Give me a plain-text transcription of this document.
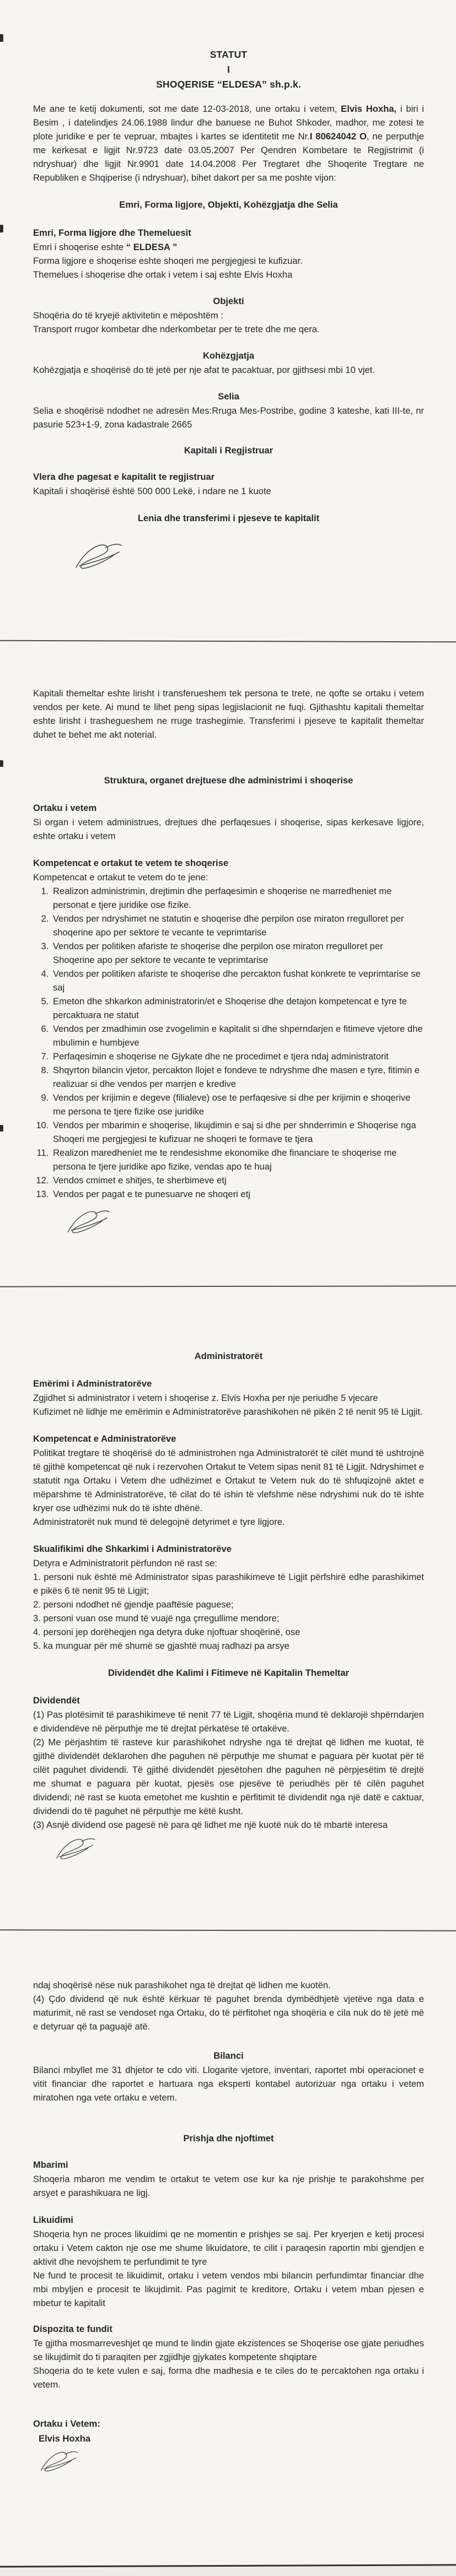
STATUT

I

SHOQERISE “ELDESA” sh.p.k.

Me ane te ketij dokumenti, sot me date 12-03-2018, une ortaku i vetem, Elvis Hoxha, i biri i Besim , i datelindjes 24.06.1988 lindur dhe banuese ne Buhot Shkoder, madhor, me zotesi te plote juridike e per te vepruar, mbajtes i kartes se identitetit me Nr.I 80624042 O, ne perputhje me kerkesat e ligjit Nr.9723 date 03.05.2007 Per Qendren Kombetare te Regjistrimit (i ndryshuar) dhe ligjit Nr.9901 date 14.04.2008 Per Tregtaret dhe Shoqerite Tregtare ne Republiken e Shqiperise (i ndryshuar), bihet dakort per sa me poshte vijon:

Emri, Forma ligjore, Objekti, Kohëzgjatja dhe Selia

Emri, Forma ligjore dhe Themeluesit

Emri i shoqerise eshte “ ELDESA ”

Forma ligjore e shoqerise eshte shoqeri me pergjegjesi te kufizuar.

Themelues i shoqerise dhe ortak i vetem i saj eshte Elvis Hoxha

Objekti

Shoqëria do të kryejë aktivitetin e mëposhtëm :

Transport rrugor kombetar dhe nderkombetar per te trete dhe me qera.

Kohëzgjatja

Kohëzgjatja e shoqërisë do të jetë per nje afat te pacaktuar, por gjithsesi mbi 10 vjet.

Selia

Selia e shoqërisë ndodhet ne adresën Mes:Rruga Mes-Postribe, godine 3 kateshe, kati III-te, nr pasurie 523+1-9, zona kadastrale 2665

Kapitali i Regjistruar

Vlera dhe pagesat e kapitalit te regjistruar

Kapitali i shoqërisë është 500 000 Lekë, i ndare ne 1 kuote

Lenia dhe transferimi i pjeseve te kapitalit

Kapitali themeltar eshte lirisht i transferueshem tek persona te trete, ne qofte se ortaku i vetem vendos per kete. Ai mund te lihet peng sipas legjislacionit ne fuqi. Gjithashtu kapitali themeltar eshte lirisht i trashegueshem ne rruge trashegimie. Transferimi i pjeseve te kapitalit themeltar duhet te behet me akt noterial.

Struktura, organet drejtuese dhe administrimi i shoqerise

Ortaku i vetem

Si organ i vetem administrues, drejtues dhe perfaqesues i shoqerise, sipas kerkesave ligjore, eshte ortaku i vetem

Kompetencat e ortakut te vetem te shoqerise

Kompetencat e ortakut te vetem do te jene:

1. Realizon administrimin, drejtimin dhe perfaqesimin e shoqerise ne marredheniet me personat e tjere juridike ose fizike.
2. Vendos per ndryshimet ne statutin e shoqerise dhe perpilon ose miraton rregulloret per shoqerine apo per sektore te vecante te veprimtarise
3. Vendos per politiken afariste te shoqerise dhe perpilon ose miraton rregulloret per Shoqerine apo per sektore te vecante te veprimtarise
4. Vendos per politiken afariste te shoqerise dhe percakton fushat konkrete te veprimtarise se saj
5. Emeton dhe shkarkon administratorin/et e Shoqerise dhe detajon kompetencat e tyre te percaktuara ne statut
6. Vendos per zmadhimin ose zvogelimin e kapitalit si dhe shperndarjen e fitimeve vjetore dhe mbulimin e humbjeve
7. Perfaqesimin e shoqerise ne Gjykate dhe ne procedimet e tjera ndaj administratorit
8. Shqyrton bilancin vjetor, percakton llojet e fondeve te ndryshme dhe masen e tyre, fitimin e realizuar si dhe vendos per marrjen e kredive
9. Vendos per krijimin e degeve (filialeve) ose te perfaqesive si dhe per krijimin e shoqerive me persona te tjere fizike ose juridike
10. Vendos per mbarimin e shoqerise, likujdimin e saj si dhe per shnderrimin e Shoqerise nga Shoqeri me pergjegjesi te kufizuar ne shoqeri te formave te tjera
11. Realizon maredheniet me te rendesishme ekonomike dhe financiare te shoqerise me persona te tjere juridike apo fizike, vendas apo te huaj
12. Vendos cmimet e shitjes, te sherbimeve etj
13. Vendos per pagat e te punesuarve ne shoqeri etj

Administratorët

Emërimi i Administratorëve

Zgjidhet si administrator i vetem i shoqerise z. Elvis Hoxha per nje periudhe 5 vjecare

Kufizimet në lidhje me emërimin e Administratorëve parashikohen në pikën 2 të nenit 95 të Ligjit.

Kompetencat e Administratorëve

Politikat tregtare të shoqërisë do të administrohen nga Administratorët të cilët mund të ushtrojnë të gjithë kompetencat që nuk i rezervohen Ortakut te Vetem sipas nenit 81 të Ligjit. Ndryshimet e statutit nga Ortaku i Vetem dhe udhëzimet e Ortakut te Vetem nuk do të shfuqizojnë aktet e mëparshme të Administratorëve, të cilat do të ishin të vlefshme nëse ndryshimi nuk do të ishte kryer ose udhëzimi nuk do të ishte dhënë.

Administratorët nuk mund të delegojnë detyrimet e tyre ligjore.

Skualifikimi dhe Shkarkimi i Administratorëve

Detyra e Administratorit përfundon në rast se:

1. personi nuk është më Administrator sipas parashikimeve të Ligjit përfshirë edhe parashikimet e pikës 6 të nenit 95 të Ligjit;

2. personi ndodhet në gjendje paaftësie paguese;

3. personi vuan ose mund të vuajë nga çrregullime mendore;

4. personi jep dorëheqjen nga detyra duke njoftuar shoqërinë, ose

5. ka munguar për më shumë se gjashtë muaj radhazi pa arsye

Dividendët dhe Kalimi i Fitimeve në Kapitalin Themeltar

Dividendët

(1) Pas plotësimit të parashikimeve të nenit 77 të Ligjit, shoqëria mund të deklarojë shpërndarjen e dividendëve në përputhje me të drejtat përkatëse të ortakëve.

(2) Me përjashtim të rasteve kur parashikohet ndryshe nga të drejtat që lidhen me kuotat, të gjithë dividendët deklarohen dhe paguhen në përputhje me shumat e paguara për kuotat për të cilët paguhet dividendi. Të gjithë dividendët pjesëtohen dhe paguhen në përpjesëtim të drejtë me shumat e paguara për kuotat, pjesës ose pjesëve të periudhës për të cilën paguhet dividendi; në rast se kuota emetohet me kushtin e përfitimit të dividendit nga një datë e caktuar, dividendi do të paguhet në përputhje me këtë kusht.

(3) Asnjë dividend ose pagesë në para që lidhet me një kuotë nuk do të mbartë interesa

ndaj shoqërisë nëse nuk parashikohet nga të drejtat që lidhen me kuotën.

(4) Çdo dividend që nuk është kërkuar të paguhet brenda dymbëdhjetë vjetëve nga data e maturimit, në rast se vendoset nga Ortaku, do të përfitohet nga shoqëria e cila nuk do të jetë më e detyruar që ta paguajë atë.

Bilanci

Bilanci mbyllet me 31 dhjetor te cdo viti. Llogarite vjetore, inventari, raportet mbi operacionet e vitit financiar dhe raportet e hartuara nga eksperti kontabel autorizuar nga ortaku i vetem miratohen nga vete ortaku e vetem.

Prishja dhe njoftimet

Mbarimi

Shoqeria mbaron me vendim te ortakut te vetem ose kur ka nje prishje te parakohshme per arsyet e parashikuara ne ligj.

Likuidimi

Shoqeria hyn ne proces likuidimi qe ne momentin e prishjes se saj. Per kryerjen e ketij procesi ortaku i Vetem cakton nje ose me shume likuidatore, te cilit i paraqesin raportin mbi gjendjen e aktivit dhe nevojshem te perfundimit te tyre

Ne fund te procesit te likuidimit, ortaku i vetem vendos mbi bilancin perfundimtar financiar dhe mbi mbyljen e procesit te likujdimit. Pas pagimit te kreditore, Ortaku i vetem mban pjesen e mbetur te kapitalit

Dispozita te fundit

Te gjitha mosmarreveshjet qe mund te lindin gjate ekzistences se Shoqerise ose gjate periudhes se likujdimit do ti paraqiten per zgjidhje gjykates kompetente shqiptare

Shoqeria do te kete vulen e saj, forma dhe madhesia e te ciles do te percaktohen nga ortaku i vetem.

Ortaku i Vetem:

Elvis Hoxha
